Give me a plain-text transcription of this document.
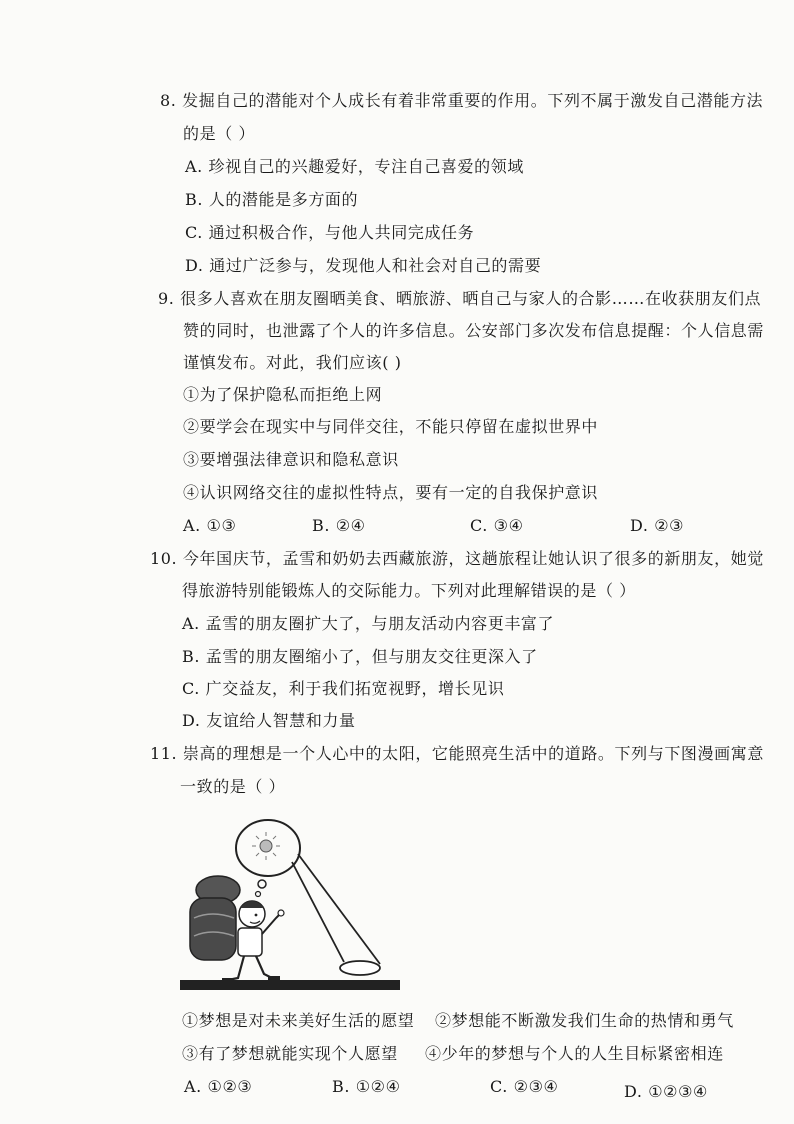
8. 发掘自己的潜能对个人成长有着非常重要的作用。下列不属于激发自己潜能方法
的是（ ）
A. 珍视自己的兴趣爱好，专注自己喜爱的领域
B. 人的潜能是多方面的
C. 通过积极合作，与他人共同完成任务
D. 通过广泛参与，发现他人和社会对自己的需要
9. 很多人喜欢在朋友圈晒美食、晒旅游、晒自己与家人的合影……在收获朋友们点
赞的同时，也泄露了个人的许多信息。公安部门多次发布信息提醒：个人信息需
谨慎发布。对此，我们应该( )
①为了保护隐私而拒绝上网
②要学会在现实中与同伴交往，不能只停留在虚拟世界中
③要增强法律意识和隐私意识
④认识网络交往的虚拟性特点，要有一定的自我保护意识
A. ①③	B. ②④	C. ③④	D. ②③
10. 今年国庆节，孟雪和奶奶去西藏旅游，这趟旅程让她认识了很多的新朋友，她觉
得旅游特别能锻炼人的交际能力。下列对此理解错误的是（ ）
A. 孟雪的朋友圈扩大了，与朋友活动内容更丰富了
B. 孟雪的朋友圈缩小了，但与朋友交往更深入了
C. 广交益友，利于我们拓宽视野，增长见识
D. 友谊给人智慧和力量
11. 崇高的理想是一个人心中的太阳，它能照亮生活中的道路。下列与下图漫画寓意
一致的是（ ）
①梦想是对未来美好生活的愿望 ②梦想能不断激发我们生命的热情和勇气
③有了梦想就能实现个人愿望 ④少年的梦想与个人的人生目标紧密相连
A. ①②③	B. ①②④	C. ②③④	D. ①②③④
